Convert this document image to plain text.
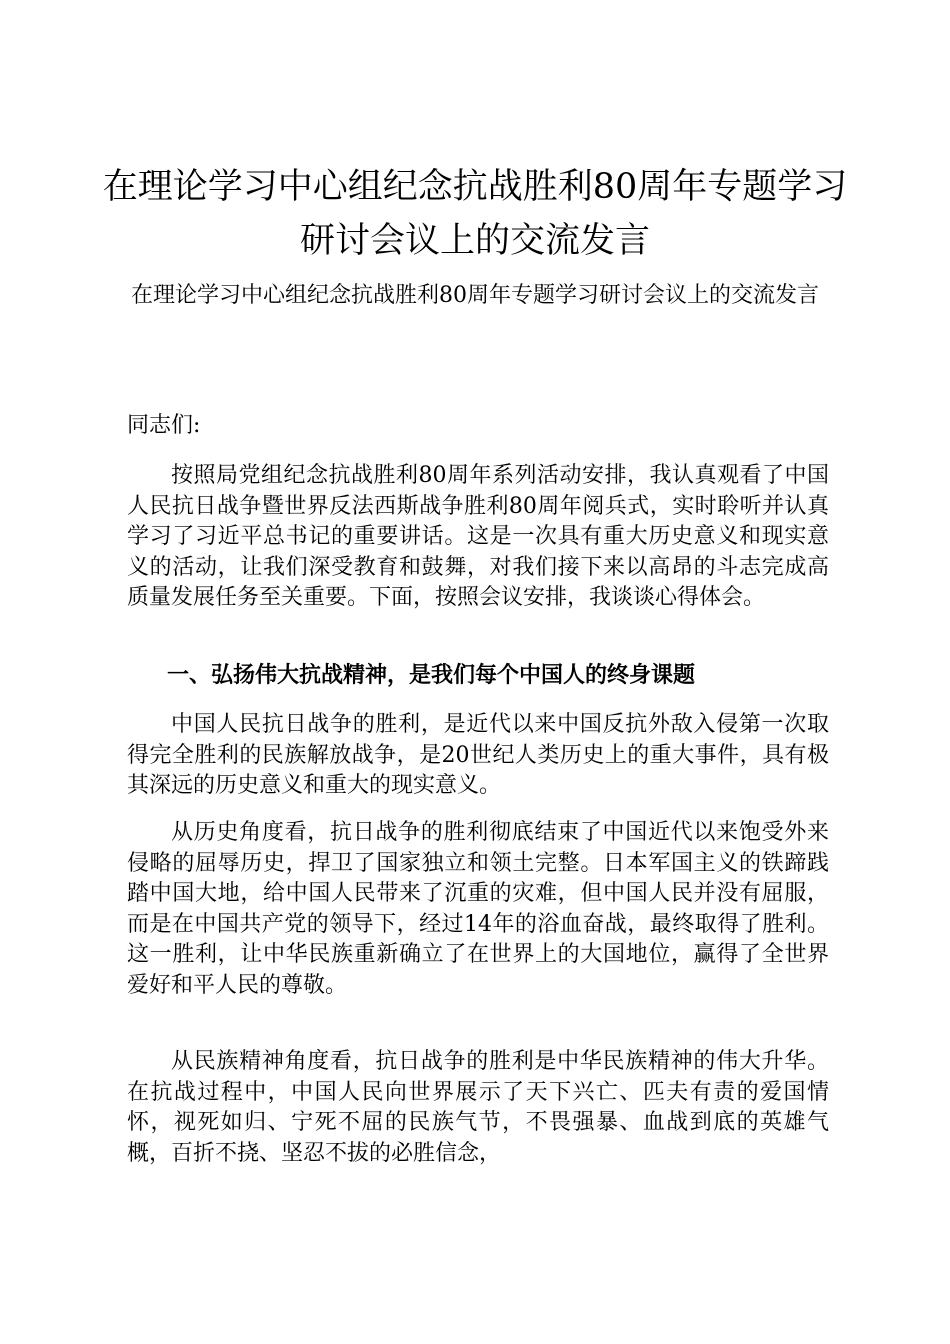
在理论学习中心组纪念抗战胜利80周年专题学习研讨会议上的交流发言

在理论学习中心组纪念抗战胜利80周年专题学习研讨会议上的交流发言

同志们:

按照局党组纪念抗战胜利80周年系列活动安排，我认真观看了中国人民抗日战争暨世界反法西斯战争胜利80周年阅兵式，实时聆听并认真学习了习近平总书记的重要讲话。这是一次具有重大历史意义和现实意义的活动，让我们深受教育和鼓舞，对我们接下来以高昂的斗志完成高质量发展任务至关重要。下面，按照会议安排，我谈谈心得体会。

一、弘扬伟大抗战精神，是我们每个中国人的终身课题

中国人民抗日战争的胜利，是近代以来中国反抗外敌入侵第一次取得完全胜利的民族解放战争，是20世纪人类历史上的重大事件，具有极其深远的历史意义和重大的现实意义。

从历史角度看，抗日战争的胜利彻底结束了中国近代以来饱受外来侵略的屈辱历史，捍卫了国家独立和领土完整。日本军国主义的铁蹄践踏中国大地，给中国人民带来了沉重的灾难，但中国人民并没有屈服，而是在中国共产党的领导下，经过14年的浴血奋战，最终取得了胜利。这一胜利，让中华民族重新确立了在世界上的大国地位，赢得了全世界爱好和平人民的尊敬。

从民族精神角度看，抗日战争的胜利是中华民族精神的伟大升华。在抗战过程中，中国人民向世界展示了天下兴亡、匹夫有责的爱国情怀，视死如归、宁死不屈的民族气节，不畏强暴、血战到底的英雄气概，百折不挠、坚忍不拔的必胜信念，
